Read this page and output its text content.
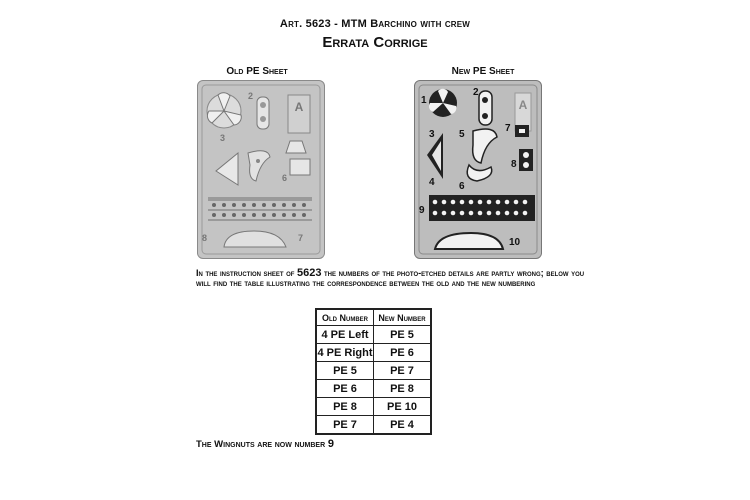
Art. 5623 - MTM Barchino with crew
Errata Corrige
Old PE Sheet	New PE Sheet
A
2
3
6
8	7
A
1
2
3
4
5
6
7
8
9
10
In the instruction sheet of 5623 the numbers of the photo-etched details are partly wrong; below you will find the table illustrating the correspondence between the old and the new numbering
Old Number	New Number
4 PE Left	PE 5
4 PE Right	PE 6
PE 5	PE 7
PE 6	PE 8
PE 8	PE 10
PE 7	PE 4
The Wingnuts are now number 9
